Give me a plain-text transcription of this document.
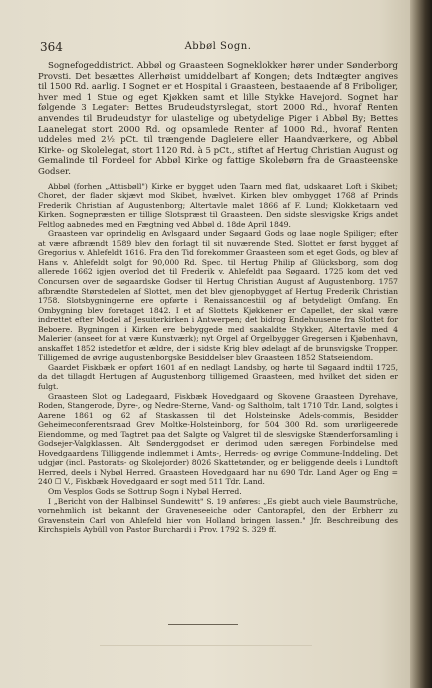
364	Abbøl Sogn.

Sognefogeddistrict. Abbøl og Graasteen Sogneklokker hører under Sønderborg Provsti. Det besættes Allerhøist umiddelbart af Kongen; dets Indtægter angives til 1500 Rd. aarlig. I Sognet er et Hospital i Graasteen, bestaaende af 8 Friboliger, hver med 1 Stue og eget Kjøkken samt et lille Stykke Havejord. Sognet har følgende 3 Legater: Bettes Brudeudstyrslegat, stort 2000 Rd., hvoraf Renten anvendes til Brudeudstyr for ulastelige og ubetydelige Piger i Abbøl By; Bettes Laanelegat stort 2000 Rd. og opsamlede Renter af 1000 Rd., hvoraf Renten uddeles med 2½ pCt. til trængende Dagleiere eller Haandværkere, og Abbøl Kirke- og Skolelegat, stort 1120 Rd. à 5 pCt., stiftet af Hertug Christian August og Gemalinde til Fordeel for Abbøl Kirke og fattige Skolebørn fra de Graasteenske Godser.

Abbøl (forhen „Attisbøll") Kirke er bygget uden Taarn med flat, udskaaret Loft i Skibet; Choret, der flader skjævt mod Skibet, hvælvet. Kirken blev ombygget 1768 af Prinds Frederik Christian af Augustenborg; Altertavle malet 1866 af F. Lund; Klokketaarn ved Kirken. Sognepræsten er tillige Slotspræst til Graasteen. Den sidste slesvigske Krigs andet Feltlog aabnedes med en Fægtning ved Abbøl d. 18de April 1849.

Graasteen var oprindelig en Avlsgaard under Søgaard Gods og laae nogle Spiliger; efter at være afbrændt 1589 blev den forlagt til sit nuværende Sted. Slottet er først bygget af Gregorius v. Ahlefeldt 1616. Fra den Tid forekommer Graasteen som et eget Gods, og blev af Hans v. Ahlefeldt solgt for 90,000 Rd. Spec. til Hertug Philip af Glücksborg, som dog allerede 1662 igjen overlod det til Frederik v. Ahlefeldt paa Søgaard. 1725 kom det ved Concursen over de søgaardske Godser til Hertug Christian August af Augustenborg. 1757 afbrændte Størstedelen af Slottet, men det blev gjenopbygget af Hertug Frederik Christian 1758. Slotsbygningerne ere opførte i Renaissancestiil og af betydeligt Omfang. En Ombygning blev foretaget 1842. I et af Slottets Kjøkkener er Capellet, der skal være indrettet efter Model af Jesuiterkirken i Antwerpen; det bidrog Endehuusene fra Slottet for Beboere. Bygningen i Kirken ere bebyggede med saakaldte Stykker, Altertavle med 4 Malerier (anseet for at være Kunstværk); nyt Orgel af Orgelbygger Gregersen i Kjøbenhavn, anskaffet 1852 istedetfor et ældre, der i sidste Krig blev ødelagt af de brunsvigske Tropper. Tilligemed de øvrige augustenborgske Besiddelser blev Graasteen 1852 Statseiendom.

Gaardet Fiskbæk er opført 1601 af en nedlagt Landsby, og hørte til Søgaard indtil 1725, da det tillagdt Hertugen af Augustenborg tilligemed Graasteen, med hvilket det siden er fulgt.

Graasteen Slot og Ladegaard, Fiskbæk Hovedgaard og Skovene Graasteen Dyrehave, Roden, Stangerode, Dyre-, og Nedre-Sterne, Vand- og Saltholm, talt 1710 Tdr. Land, solgtes i Aarene 1861 og 62 af Staskassen til det Holsteinske Adels-commis, Besidder Geheimeconferentsraad Grev Moltke-Holsteinborg, for 504 300 Rd. som urørligeerede Eiendomme, og med Tagtret paa det Salgte og Valgret til de slesvigske Stænderforsamling i Godsejer-Valgklassen. Alt Sønderggodset er derimod uden særegen Forbindelse med Hovedgaardens Tilliggende indlemmet i Amts-, Herreds- og øvrige Commune-Inddeling. Det udgjør (incl. Pastorats- og Skolejorder) 8026 Skattetønder, og er beliggende deels i Lundtoft Herred, deels i Nybøl Herred. Graasteen Hovedgaard har nu 690 Tdr. Land Ager og Eng = 240 ☐ V., Fiskbæk Hovedgaard er sogt med 511 Tdr. Land.

Om Vesplos Gods se Sottrup Sogn i Nybøl Herred.

I „Bericht von der Halbinsel Sundewitt" S. 19 anføres: „Es giebt auch viele Baumstrüche, vornehmlich ist bekannt der Graveneseeiche oder Cantorapfel, den der Erbherr zu Gravenstein Carl von Ahlefeld hier von Holland bringen lassen." Jfr. Beschreibung des Kirchspiels Aybüll von Pastor Burchardi i Prov. 1792 S. 329 ff.
